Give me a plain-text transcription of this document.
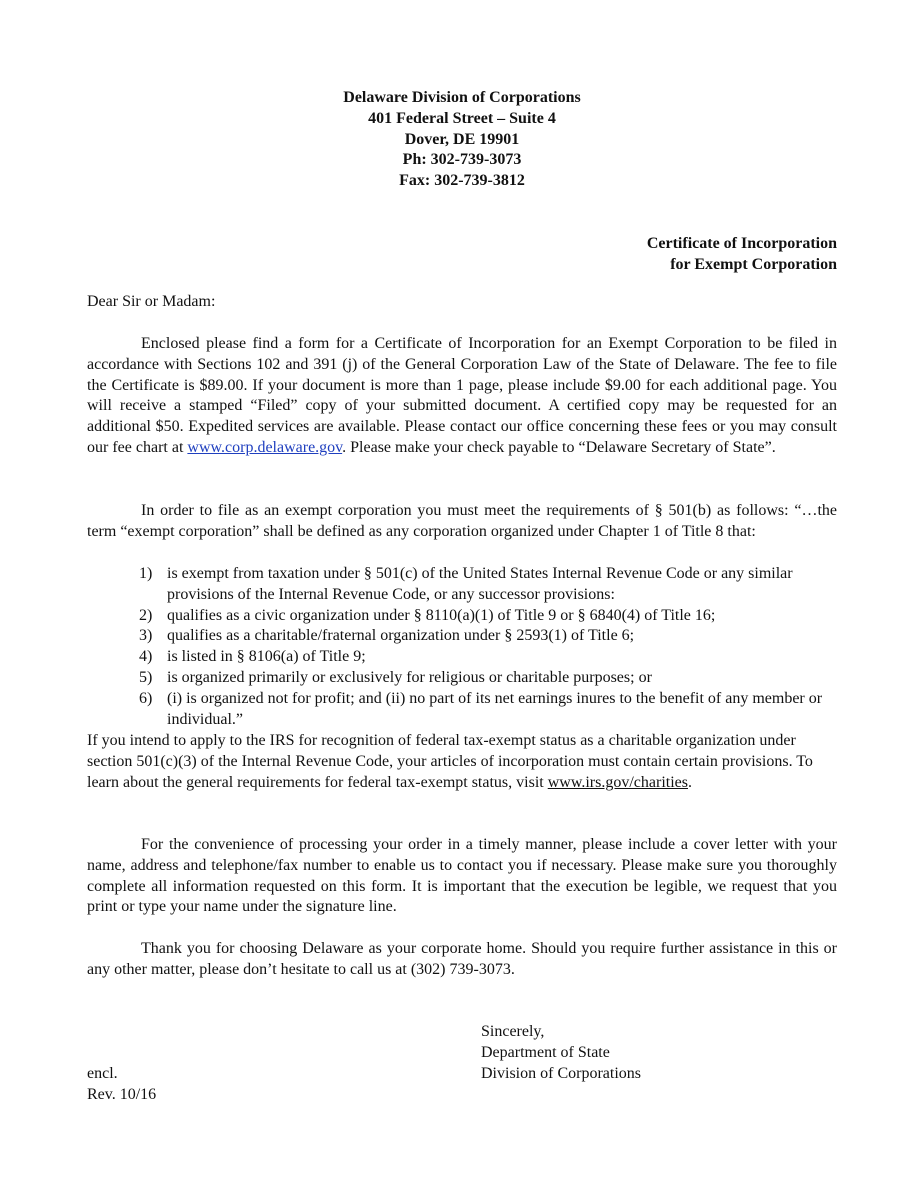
Delaware Division of Corporations
401 Federal Street – Suite 4
Dover, DE 19901
Ph: 302-739-3073
Fax: 302-739-3812
Certificate of Incorporation
for Exempt Corporation
Dear Sir or Madam:

Enclosed please find a form for a Certificate of Incorporation for an Exempt Corporation to be filed in accordance with Sections 102 and 391 (j) of the General Corporation Law of the State of Delaware. The fee to file the Certificate is $89.00. If your document is more than 1 page, please include $9.00 for each additional page. You will receive a stamped “Filed” copy of your submitted document. A certified copy may be requested for an additional $50. Expedited services are available. Please contact our office concerning these fees or you may consult our fee chart at www.corp.delaware.gov. Please make your check payable to “Delaware Secretary of State”.

In order to file as an exempt corporation you must meet the requirements of § 501(b) as follows: “…the term “exempt corporation” shall be defined as any corporation organized under Chapter 1 of Title 8 that:

1) is exempt from taxation under § 501(c) of the United States Internal Revenue Code or any similar provisions of the Internal Revenue Code, or any successor provisions:
2) qualifies as a civic organization under § 8110(a)(1) of Title 9 or § 6840(4) of Title 16;
3) qualifies as a charitable/fraternal organization under § 2593(1) of Title 6;
4) is listed in § 8106(a) of Title 9;
5) is organized primarily or exclusively for religious or charitable purposes; or
6) (i) is organized not for profit; and (ii) no part of its net earnings inures to the benefit of any member or individual.”

If you intend to apply to the IRS for recognition of federal tax-exempt status as a charitable organization under section 501(c)(3) of the Internal Revenue Code, your articles of incorporation must contain certain provisions. To learn about the general requirements for federal tax-exempt status, visit www.irs.gov/charities.

For the convenience of processing your order in a timely manner, please include a cover letter with your name, address and telephone/fax number to enable us to contact you if necessary. Please make sure you thoroughly complete all information requested on this form. It is important that the execution be legible, we request that you print or type your name under the signature line.

Thank you for choosing Delaware as your corporate home. Should you require further assistance in this or any other matter, please don’t hesitate to call us at (302) 739-3073.

Sincerely,
Department of State
Division of Corporations
encl.
Rev. 10/16
